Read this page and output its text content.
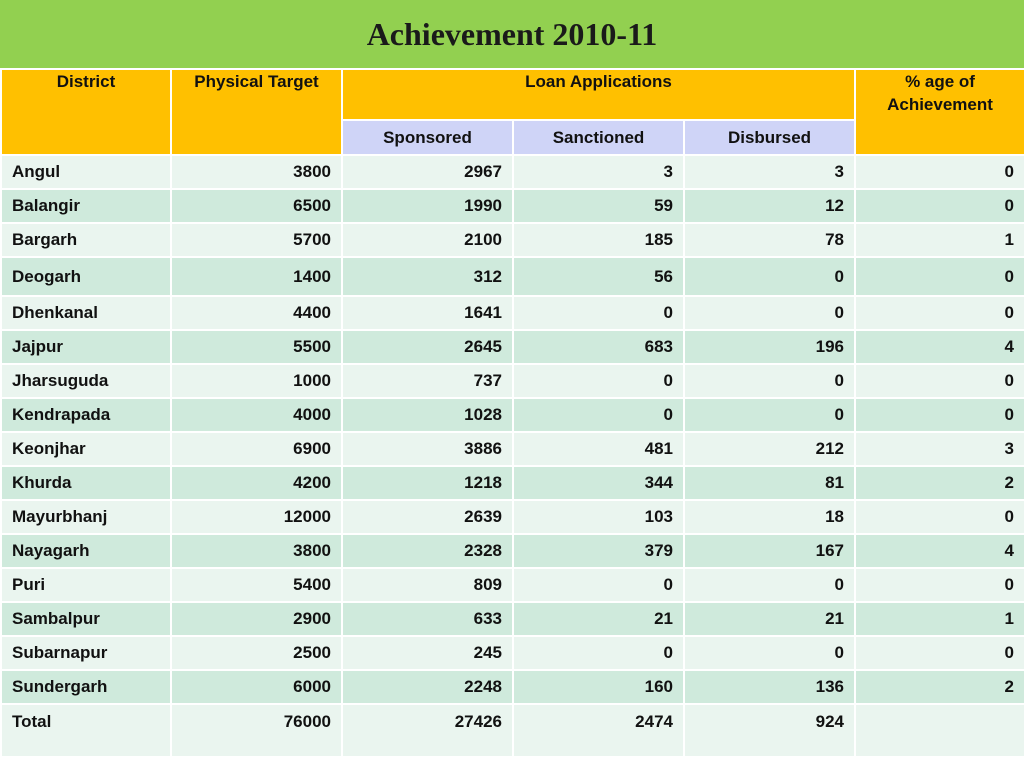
Achievement 2010-11
District	Physical Target	Loan Applications			% age of
Achievement
		Sponsored	Sanctioned	Disbursed	
Angul	3800	2967	3	3	0
Balangir	6500	1990	59	12	0
Bargarh	5700	2100	185	78	1
Deogarh	1400	312	56	0	0
Dhenkanal	4400	1641	0	0	0
Jajpur	5500	2645	683	196	4
Jharsuguda	1000	737	0	0	0
Kendrapada	4000	1028	0	0	0
Keonjhar	6900	3886	481	212	3
Khurda	4200	1218	344	81	2
Mayurbhanj	12000	2639	103	18	0
Nayagarh	3800	2328	379	167	4
Puri	5400	809	0	0	0
Sambalpur	2900	633	21	21	1
Subarnapur	2500	245	0	0	0
Sundergarh	6000	2248	160	136	2
Total	76000	27426	2474	924	
